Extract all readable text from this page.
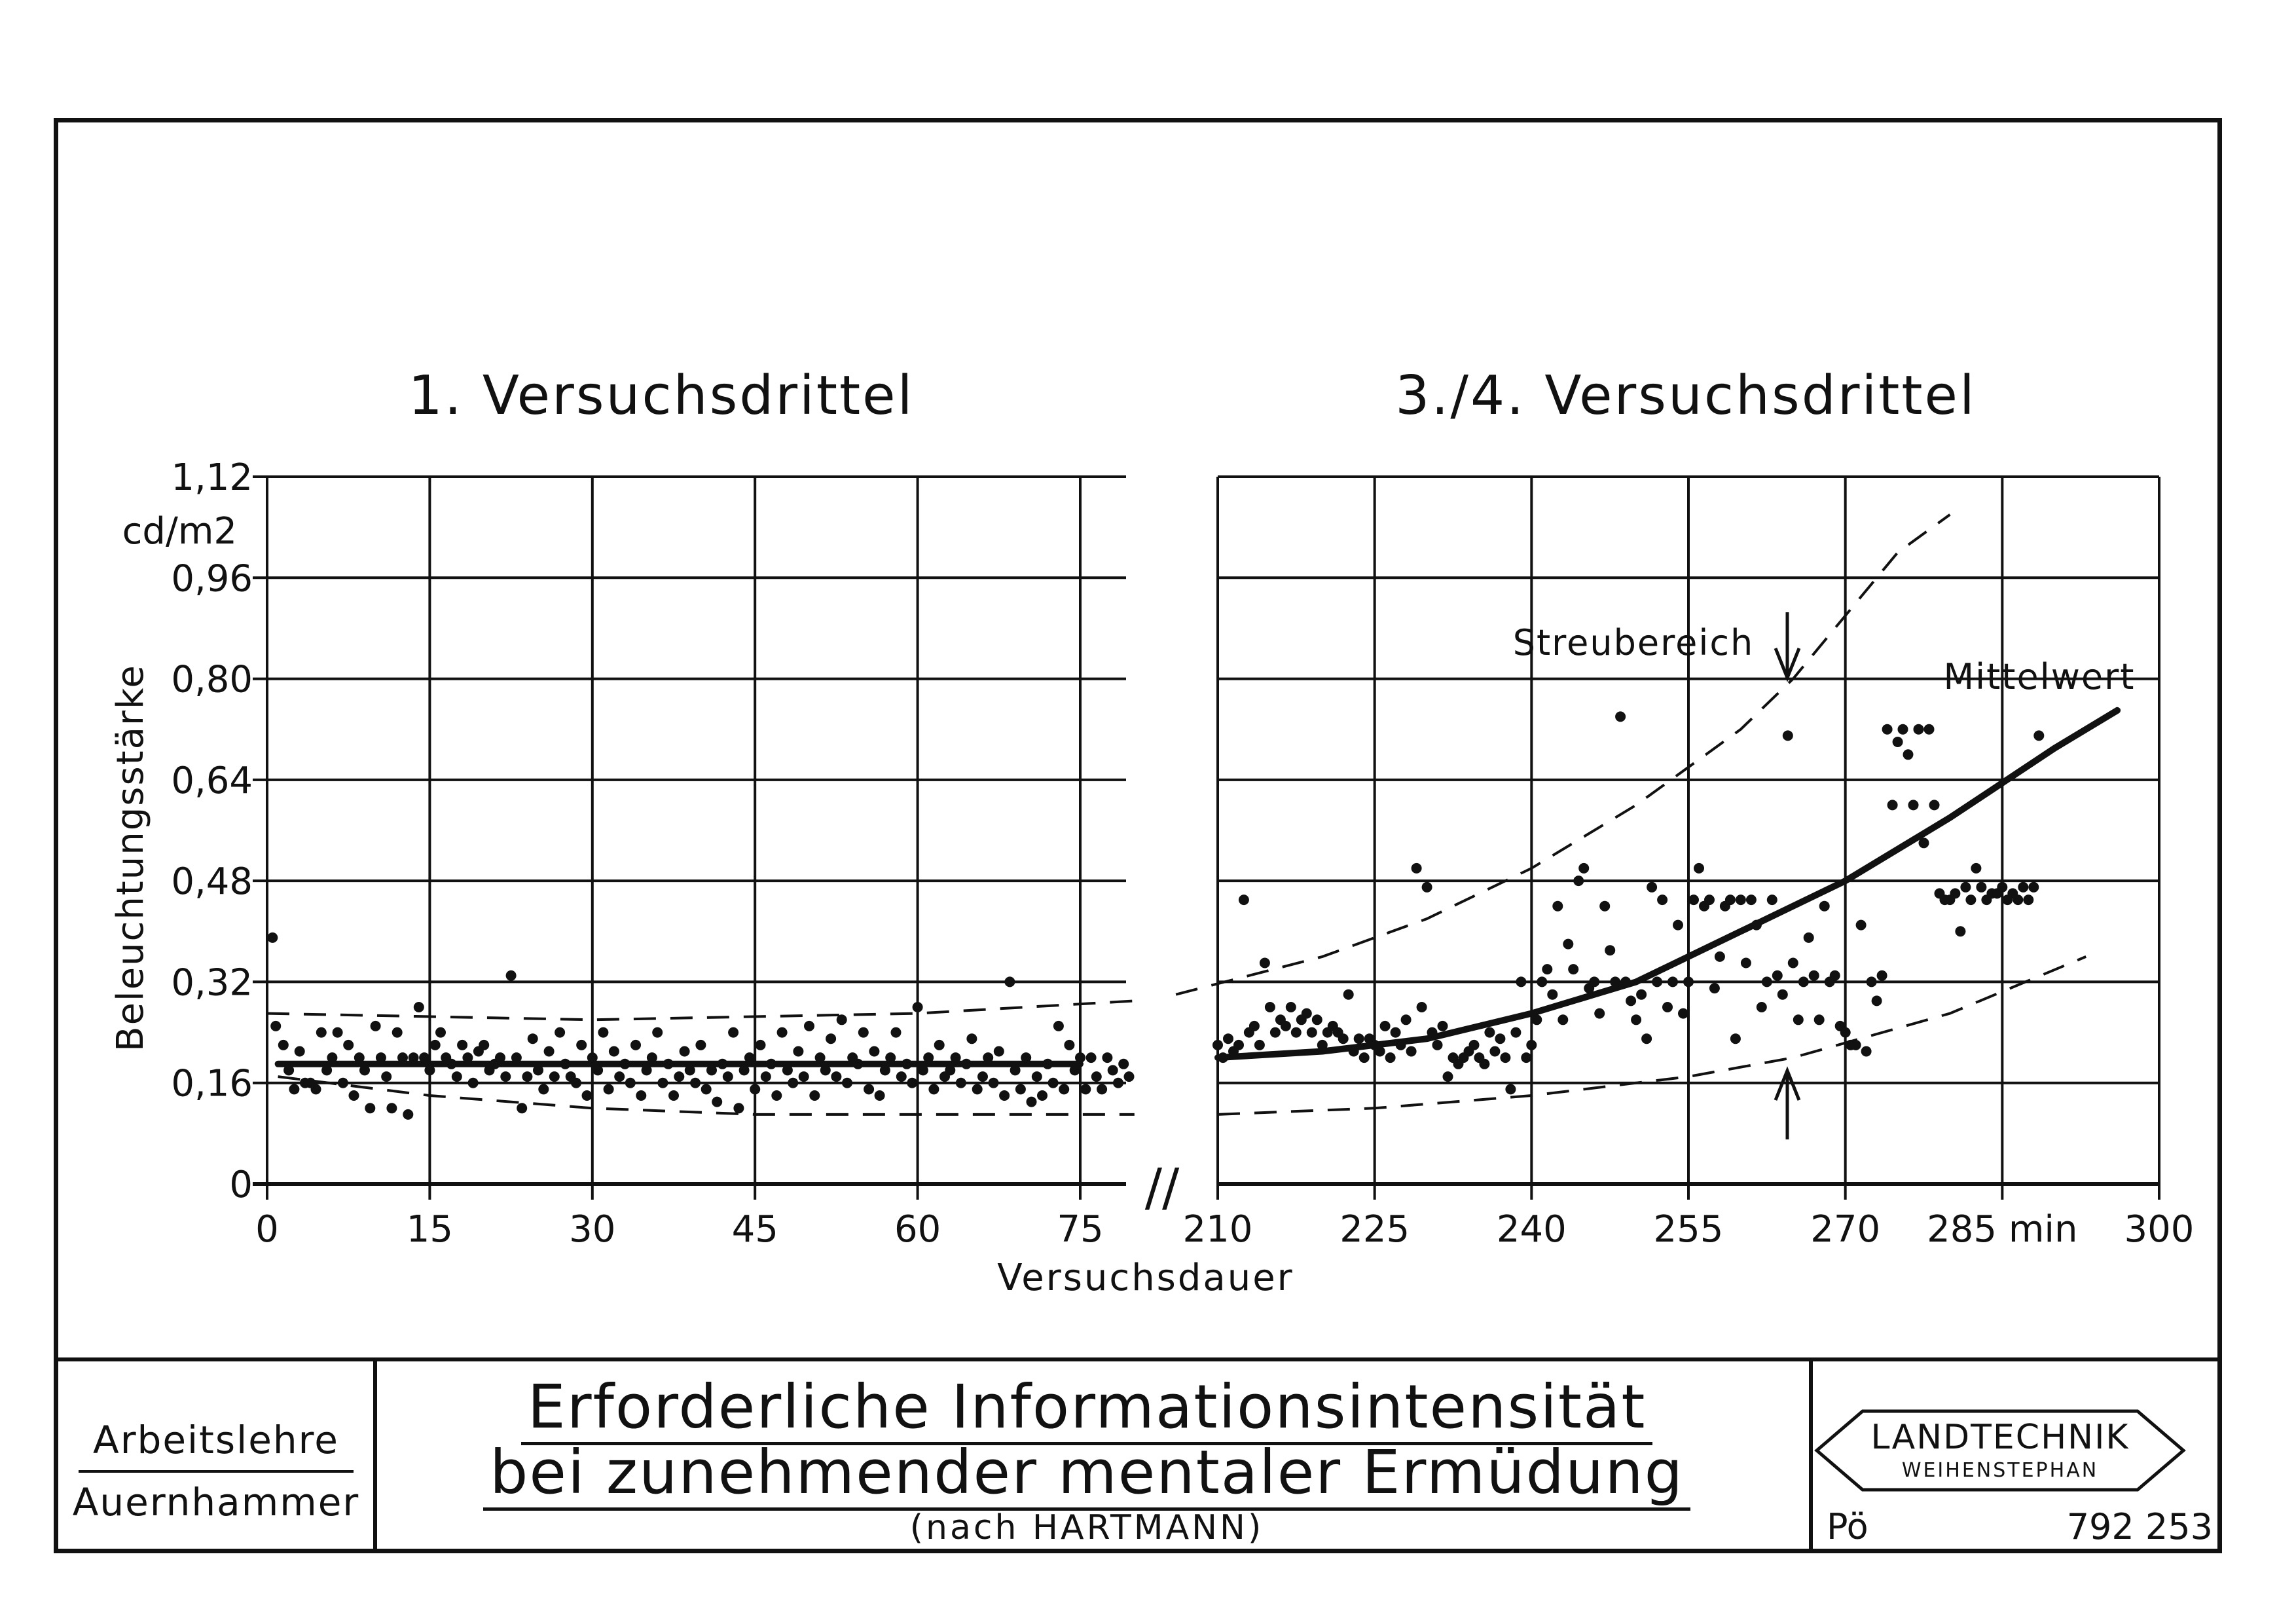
0
0,16
0,32
0,48
0,64
0,80
0,96
1,12
0	15	30	45	60	75 210 225 240 255 270 285 min 300
1. Versuchsdrittel	3./4. Versuchsdrittel
cd/m2
Beleuchtungsstärke
Versuchsdauer
//
Streubereich
Mittelwert
Arbeitslehre
Auernhammer
Erforderliche Informationsintensität
bei zunehmender mentaler Ermüdung
(nach HARTMANN)
LANDTECHNIK
WEIHENSTEPHAN
Pö	792 253
